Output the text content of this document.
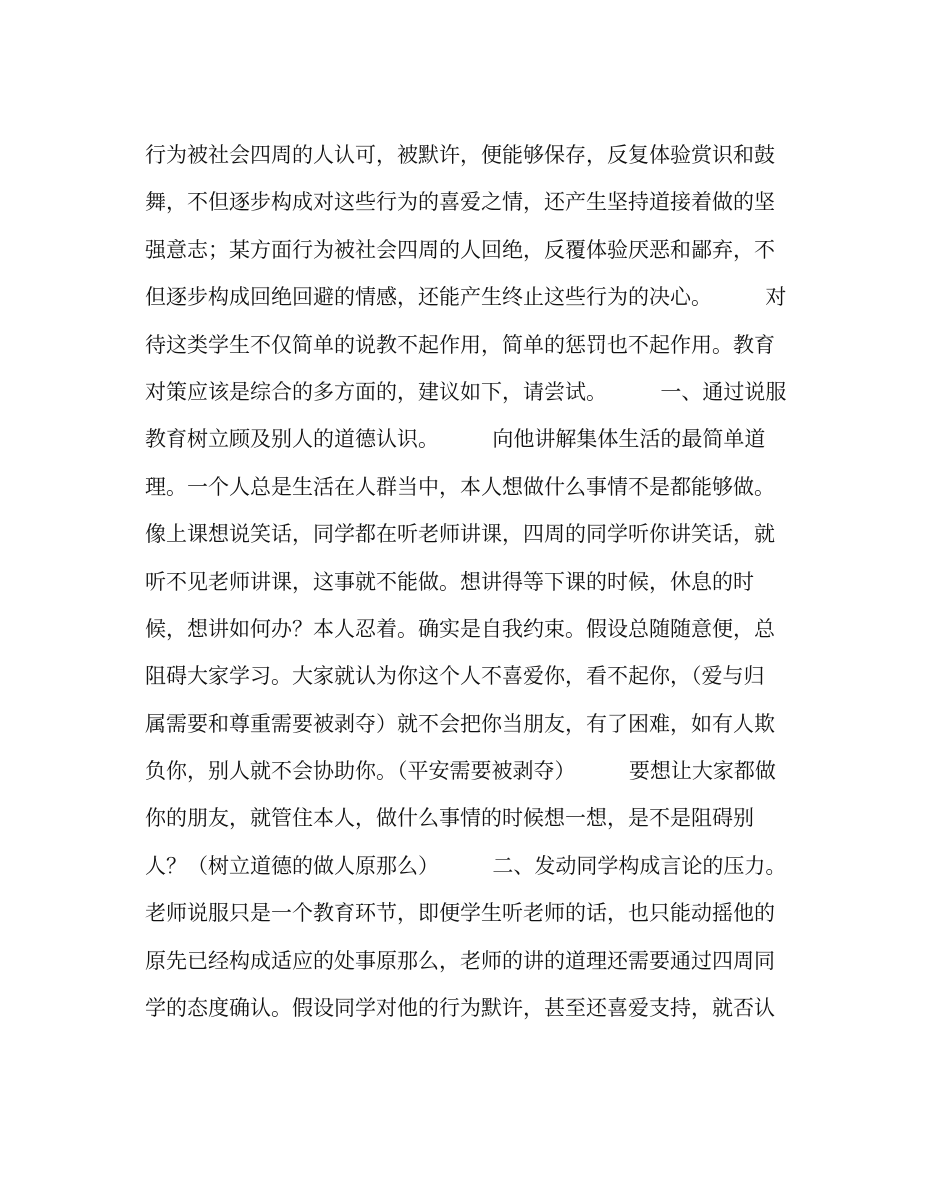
行为被社会四周的人认可，被默许，便能够保存，反复体验赏识和鼓
舞，不但逐步构成对这些行为的喜爱之情，还产生坚持道接着做的坚
强意志；某方面行为被社会四周的人回绝，反覆体验厌恶和鄙弃，不
但逐步构成回绝回避的情感，还能产生终止这些行为的决心。        对
待这类学生不仅简单的说教不起作用，简单的惩罚也不起作用。教育
对策应该是综合的多方面的，建议如下，请尝试。        一、通过说服
教育树立顾及别人的道德认识。        向他讲解集体生活的最简单道
理。一个人总是生活在人群当中，本人想做什么事情不是都能够做。
像上课想说笑话，同学都在听老师讲课，四周的同学听你讲笑话，就
听不见老师讲课，这事就不能做。想讲得等下课的时候，休息的时
候，想讲如何办？本人忍着。确实是自我约束。假设总随随意便，总
阻碍大家学习。大家就认为你这个人不喜爱你，看不起你，（爱与归
属需要和尊重需要被剥夺）就不会把你当朋友，有了困难，如有人欺
负你，别人就不会协助你。（平安需要被剥夺）        要想让大家都做
你的朋友，就管住本人，做什么事情的时候想一想，是不是阻碍别
人？（树立道德的做人原那么）        二、发动同学构成言论的压力。
老师说服只是一个教育环节，即便学生听老师的话，也只能动摇他的
原先已经构成适应的处事原那么，老师的讲的道理还需要通过四周同
学的态度确认。假设同学对他的行为默许，甚至还喜爱支持，就否认
